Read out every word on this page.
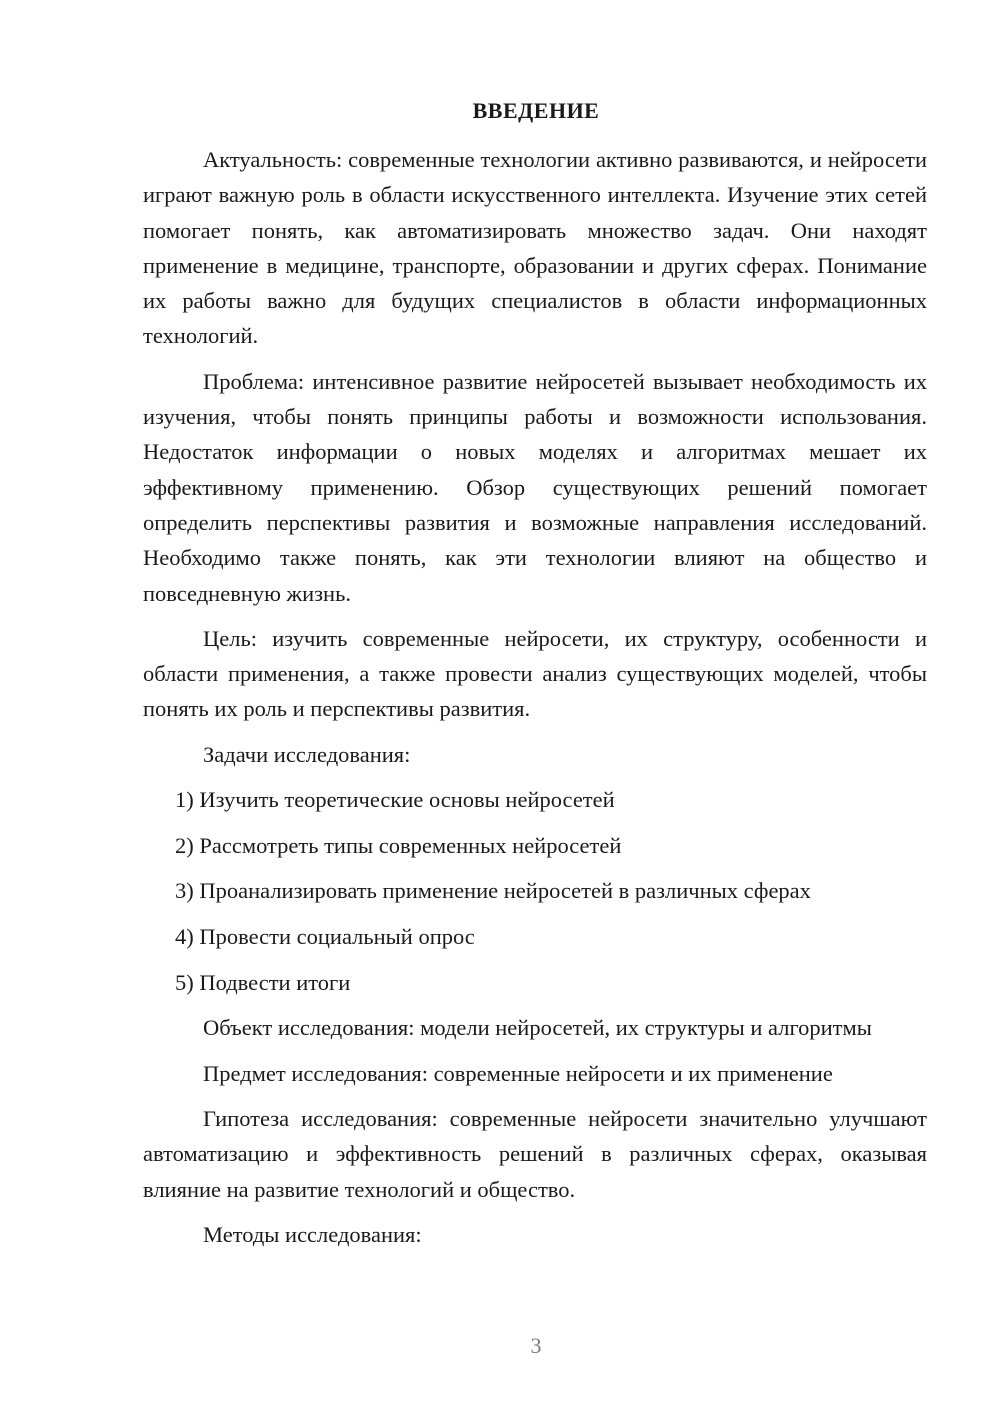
ВВЕДЕНИЕ

Актуальность: современные технологии активно развиваются, и нейросети играют важную роль в области искусственного интеллекта. Изучение этих сетей помогает понять, как автоматизировать множество задач. Они находят применение в медицине, транспорте, образовании и других сферах. Понимание их работы важно для будущих специалистов в области информационных технологий.

Проблема: интенсивное развитие нейросетей вызывает необходимость их изучения, чтобы понять принципы работы и возможности использования. Недостаток информации о новых моделях и алгоритмах мешает их эффективному применению. Обзор существующих решений помогает определить перспективы развития и возможные направления исследований. Необходимо также понять, как эти технологии влияют на общество и повседневную жизнь.

Цель: изучить современные нейросети, их структуру, особенности и области применения, а также провести анализ существующих моделей, чтобы понять их роль и перспективы развития.

Задачи исследования:

1) Изучить теоретические основы нейросетей
2) Рассмотреть типы современных нейросетей
3) Проанализировать применение нейросетей в различных сферах
4) Провести социальный опрос
5) Подвести итоги

Объект исследования: модели нейросетей, их структуры и алгоритмы

Предмет исследования: современные нейросети и их применение

Гипотеза исследования: современные нейросети значительно улучшают автоматизацию и эффективность решений в различных сферах, оказывая влияние на развитие технологий и общество.

Методы исследования:

3
